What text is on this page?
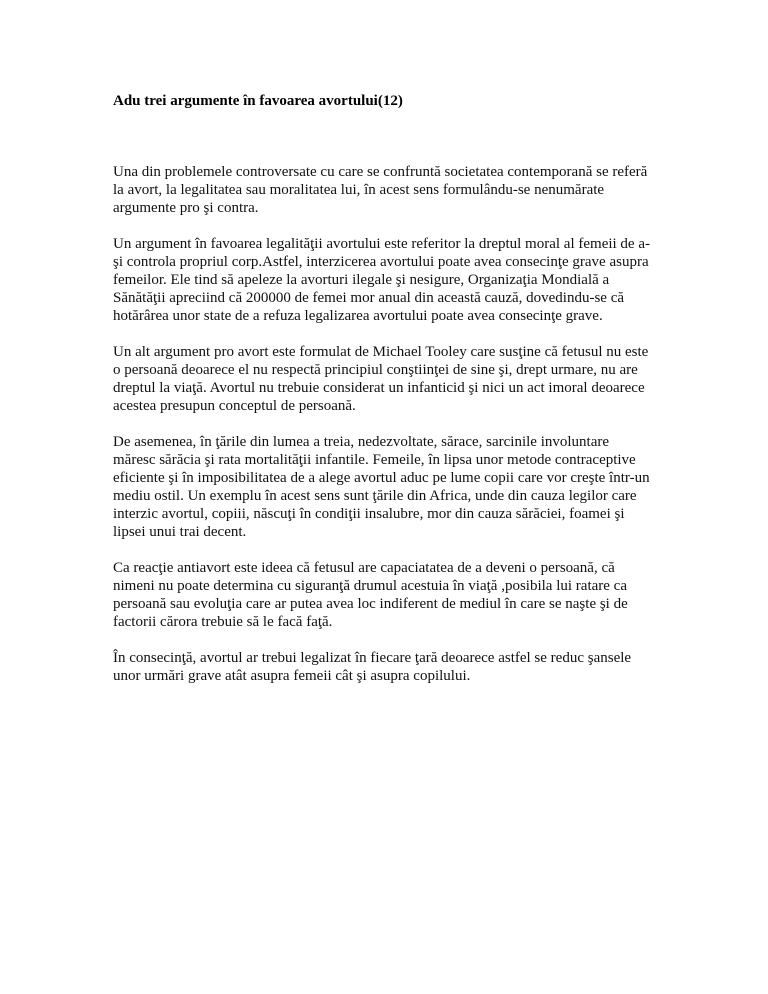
Adu trei argumente în favoarea avortului(12)

Una din problemele controversate cu care se confruntă societatea contemporană se referă
la avort, la legalitatea sau moralitatea lui, în acest sens formulându-se nenumărate
argumente pro şi contra.

Un argument în favoarea legalităţii avortului este referitor la dreptul moral al femeii de a-
şi controla propriul corp.Astfel, interzicerea avortului poate avea consecinţe grave asupra
femeilor. Ele tind să apeleze la avorturi ilegale şi nesigure, Organizaţia Mondială a
Sănătăţii apreciind că 200000 de femei mor anual din această cauză, dovedindu-se că
hotărârea unor state de a refuza legalizarea avortului poate avea consecinţe grave.

Un alt argument pro avort este formulat de Michael Tooley care susţine că fetusul nu este
o persoană deoarece el nu respectă principiul conştiinţei de sine şi, drept urmare, nu are
dreptul la viaţă. Avortul nu trebuie considerat un infanticid şi nici un act imoral deoarece
acestea presupun conceptul de persoană.

De asemenea, în ţările din lumea a treia, nedezvoltate, sărace, sarcinile involuntare
măresc sărăcia şi rata mortalităţii infantile. Femeile, în lipsa unor metode contraceptive
eficiente şi în imposibilitatea de a alege avortul aduc pe lume copii care vor creşte într-un
mediu ostil. Un exemplu în acest sens sunt ţările din Africa, unde din cauza legilor care
interzic avortul, copiii, născuţi în condiţii insalubre, mor din cauza sărăciei, foamei şi
lipsei unui trai decent.

Ca reacţie antiavort este ideea că fetusul are capaciatatea de a deveni o persoană, că
nimeni nu poate determina cu siguranţă drumul acestuia în viaţă ,posibila lui ratare ca
persoană sau evoluţia care ar putea avea loc indiferent de mediul în care se naşte şi de
factorii cărora trebuie să le facă faţă.

În consecinţă, avortul ar trebui legalizat în fiecare ţară deoarece astfel se reduc şansele
unor urmări grave atât asupra femeii cât şi asupra copilului.
